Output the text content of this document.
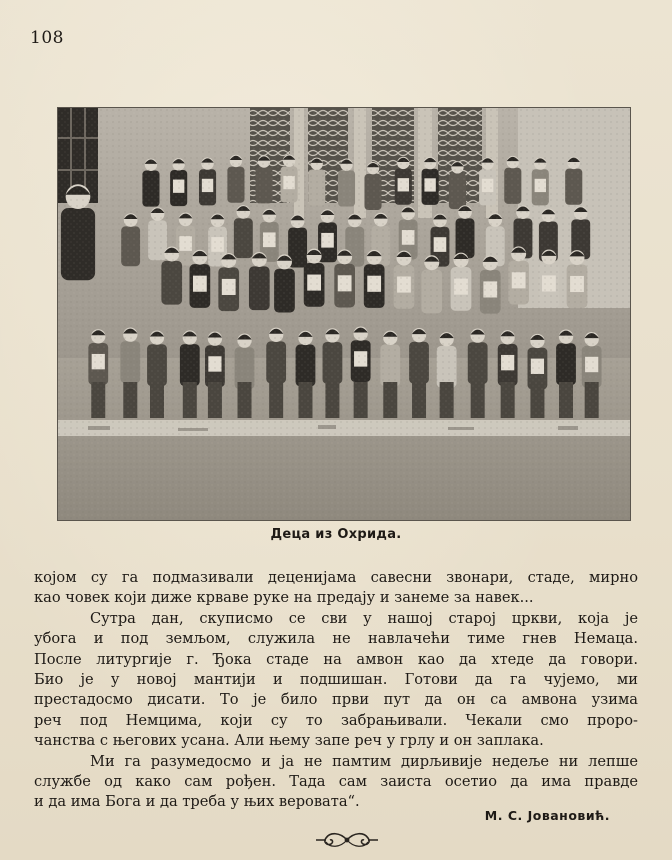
108
Деца из Охрида.
којом су га подмазивали деценијама савесни звонари, стаде, мирно
као човек који диже крваве руке на предају и занеме за навек...
Сутра дан, скуписмо се сви у нашој старој цркви, која је
убога и под земљом, служила не навлачећи тиме гнев Немаца.
После литургије г. Ђока стаде на амвон као да хтеде да говори.
Био је у новој мантији и подшишан. Готови да га чујемо, ми
престадосмо дисати. То је било први пут да он са амвона узима
реч под Немцима, који су то забрањивали. Чекали смо проро-
чанства с његових усана. Али њему запе реч у грлу и он заплака.
Ми га разумедосмо и ја не памтим дирљивије недеље ни лепше
службе од како сам рођен. Тада сам заиста осетио да има правде
и да има Бога и да треба у њих веровата“.
М. С. Јовановић.
